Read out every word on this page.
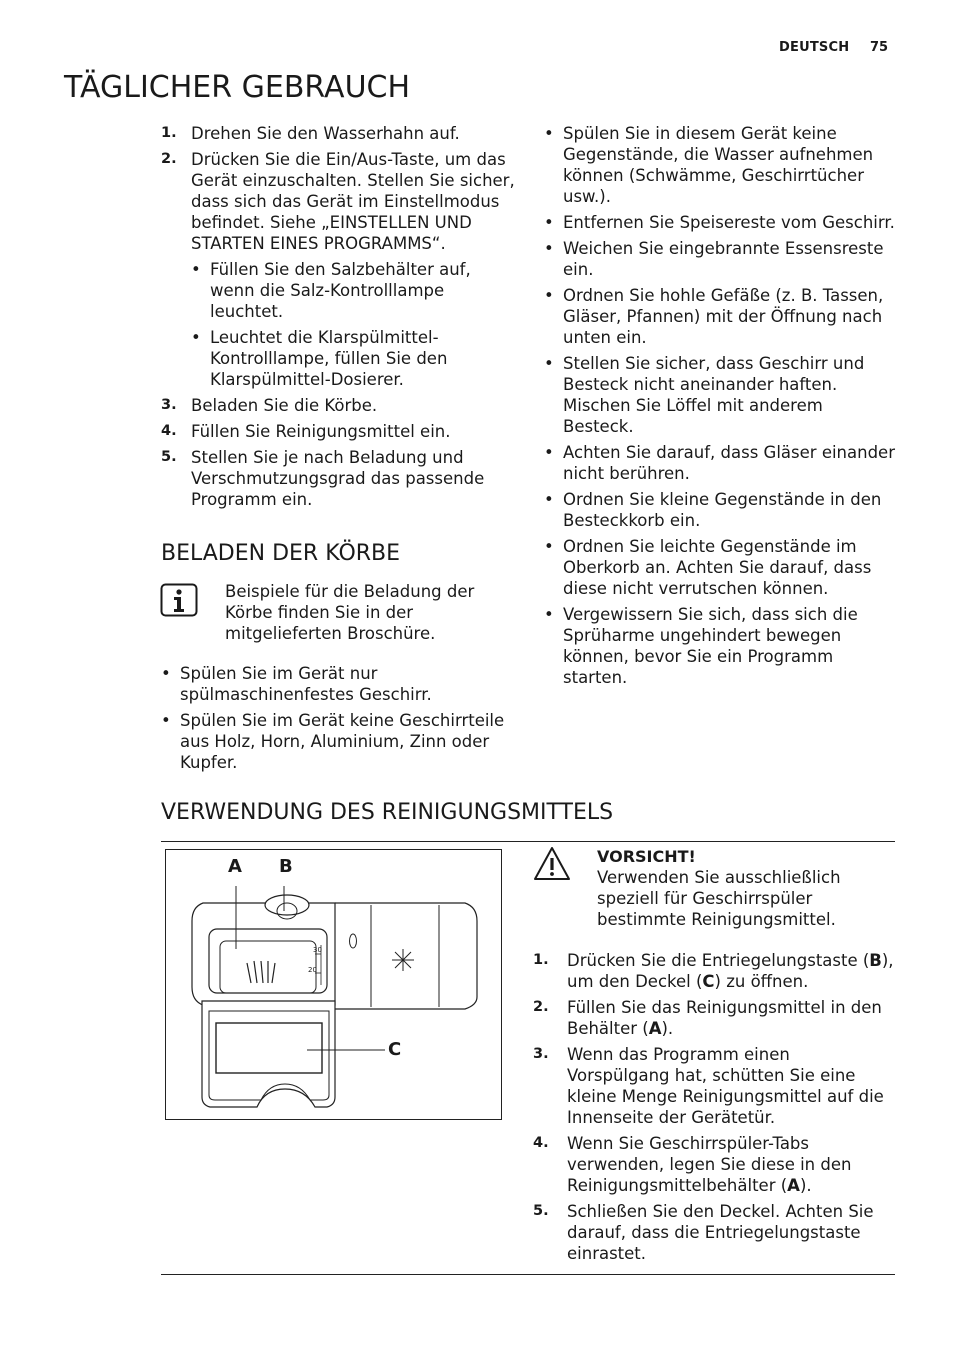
DEUTSCH 75
TÄGLICHER GEBRAUCH
1. Drehen Sie den Wasserhahn auf.
2. Drücken Sie die Ein/Aus-Taste, um das Gerät einzuschalten. Stellen Sie sicher, dass sich das Gerät im Einstellmodus befindet. Siehe „EINSTELLEN UND STARTEN EINES PROGRAMMS“.
• Füllen Sie den Salzbehälter auf, wenn die Salz-Kontrolllampe leuchtet.
• Leuchtet die Klarspülmittel-Kontrolllampe, füllen Sie den Klarspülmittel-Dosierer.
3. Beladen Sie die Körbe.
4. Füllen Sie Reinigungsmittel ein.
5. Stellen Sie je nach Beladung und Verschmutzungsgrad das passende Programm ein.
BELADEN DER KÖRBE
Beispiele für die Beladung der Körbe finden Sie in der mitgelieferten Broschüre.
• Spülen Sie im Gerät nur spülmaschinenfestes Geschirr.
• Spülen Sie im Gerät keine Geschirrteile aus Holz, Horn, Aluminium, Zinn oder Kupfer.
• Spülen Sie in diesem Gerät keine Gegenstände, die Wasser aufnehmen können (Schwämme, Geschirrtücher usw.).
• Entfernen Sie Speisereste vom Geschirr.
• Weichen Sie eingebrannte Essensreste ein.
• Ordnen Sie hohle Gefäße (z. B. Tassen, Gläser, Pfannen) mit der Öffnung nach unten ein.
• Stellen Sie sicher, dass Geschirr und Besteck nicht aneinander haften. Mischen Sie Löffel mit anderem Besteck.
• Achten Sie darauf, dass Gläser einander nicht berühren.
• Ordnen Sie kleine Gegenstände in den Besteckkorb ein.
• Ordnen Sie leichte Gegenstände im Oberkorb an. Achten Sie darauf, dass diese nicht verrutschen können.
• Vergewissern Sie sich, dass sich die Sprüharme ungehindert bewegen können, bevor Sie ein Programm starten.
VERWENDUNG DES REINIGUNGSMITTELS
A B
C
30
20
VORSICHT!
Verwenden Sie ausschließlich speziell für Geschirrspüler bestimmte Reinigungsmittel.
1. Drücken Sie die Entriegelungstaste (B), um den Deckel (C) zu öffnen.
2. Füllen Sie das Reinigungsmittel in den Behälter (A).
3. Wenn das Programm einen Vorspülgang hat, schütten Sie eine kleine Menge Reinigungsmittel auf die Innenseite der Gerätetür.
4. Wenn Sie Geschirrspüler-Tabs verwenden, legen Sie diese in den Reinigungsmittelbehälter (A).
5. Schließen Sie den Deckel. Achten Sie darauf, dass die Entriegelungstaste einrastet.
